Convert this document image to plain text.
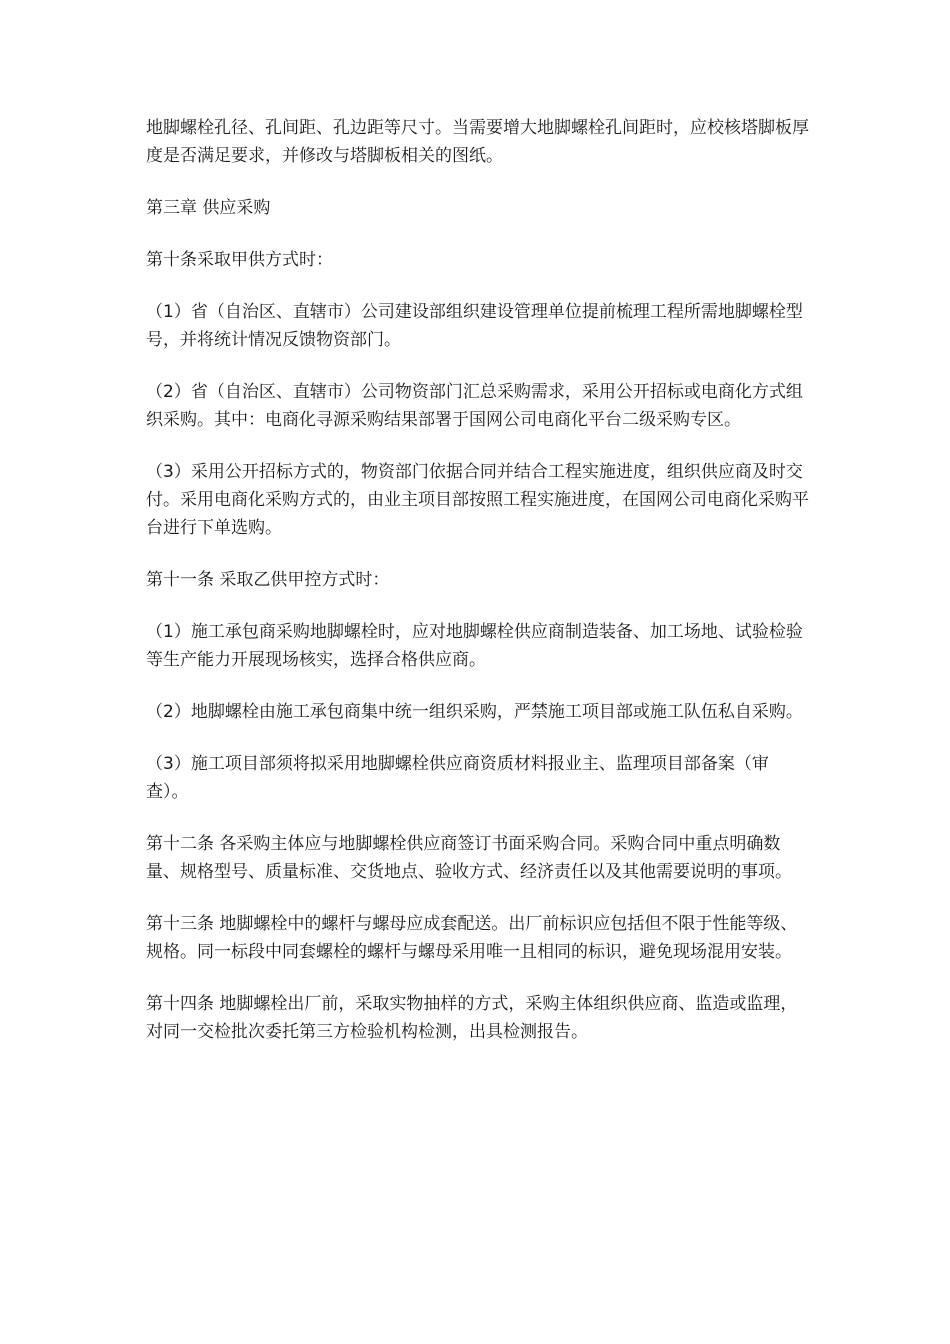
地脚螺栓孔径、孔间距、孔边距等尺寸。当需要增大地脚螺栓孔间距时，应校核塔脚板厚度是否满足要求，并修改与塔脚板相关的图纸。

第三章 供应采购

第十条采取甲供方式时：

（1）省（自治区、直辖市）公司建设部组织建设管理单位提前梳理工程所需地脚螺栓型号，并将统计情况反馈物资部门。

（2）省（自治区、直辖市）公司物资部门汇总采购需求，采用公开招标或电商化方式组织采购。其中：电商化寻源采购结果部署于国网公司电商化平台二级采购专区。

（3）采用公开招标方式的，物资部门依据合同并结合工程实施进度，组织供应商及时交付。采用电商化采购方式的，由业主项目部按照工程实施进度，在国网公司电商化采购平台进行下单选购。

第十一条 采取乙供甲控方式时：

（1）施工承包商采购地脚螺栓时，应对地脚螺栓供应商制造装备、加工场地、试验检验等生产能力开展现场核实，选择合格供应商。

（2）地脚螺栓由施工承包商集中统一组织采购，严禁施工项目部或施工队伍私自采购。

（3）施工项目部须将拟采用地脚螺栓供应商资质材料报业主、监理项目部备案（审查）。

第十二条 各采购主体应与地脚螺栓供应商签订书面采购合同。采购合同中重点明确数量、规格型号、质量标准、交货地点、验收方式、经济责任以及其他需要说明的事项。

第十三条 地脚螺栓中的螺杆与螺母应成套配送。出厂前标识应包括但不限于性能等级、规格。同一标段中同套螺栓的螺杆与螺母采用唯一且相同的标识，避免现场混用安装。

第十四条 地脚螺栓出厂前，采取实物抽样的方式，采购主体组织供应商、监造或监理，对同一交检批次委托第三方检验机构检测，出具检测报告。
